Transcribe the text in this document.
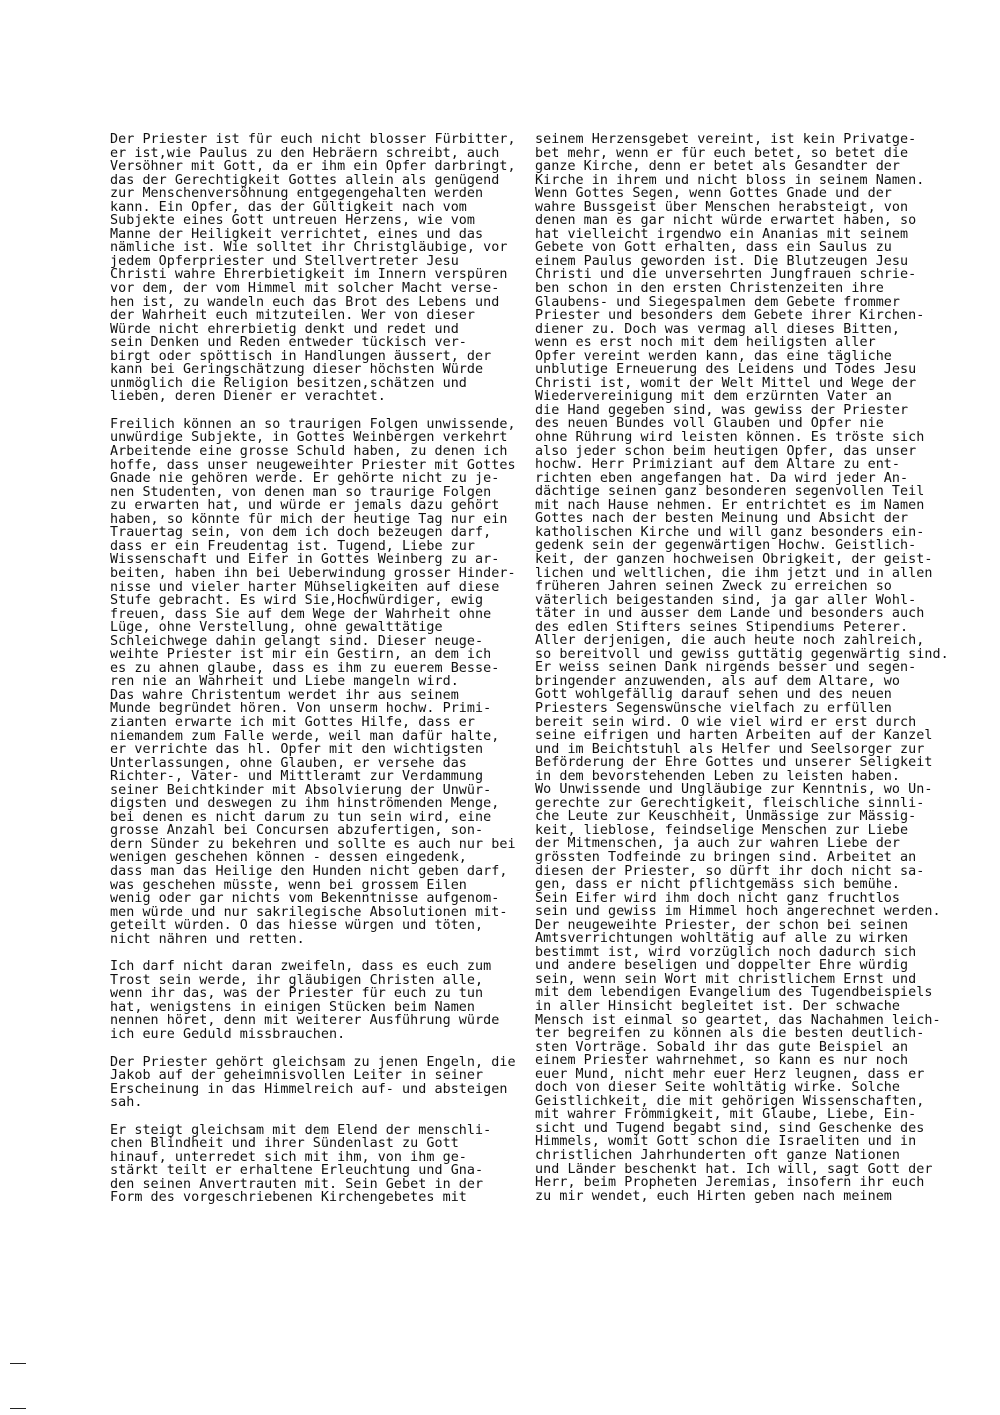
Der Priester ist für euch nicht blosser Fürbitter,
er ist,wie Paulus zu den Hebräern schreibt, auch
Versöhner mit Gott, da er ihm ein Opfer darbringt,
das der Gerechtigkeit Gottes allein als genügend
zur Menschenversöhnung entgegengehalten werden
kann. Ein Opfer, das der Gültigkeit nach vom
Subjekte eines Gott untreuen Herzens, wie vom
Manne der Heiligkeit verrichtet, eines und das
nämliche ist. Wie solltet ihr Christgläubige, vor
jedem Opferpriester und Stellvertreter Jesu
Christi wahre Ehrerbietigkeit im Innern verspüren
vor dem, der vom Himmel mit solcher Macht verse-
hen ist, zu wandeln euch das Brot des Lebens und
der Wahrheit euch mitzuteilen. Wer von dieser
Würde nicht ehrerbietig denkt und redet und
sein Denken und Reden entweder tückisch ver-
birgt oder spöttisch in Handlungen äussert, der
kann bei Geringschätzung dieser höchsten Würde
unmöglich die Religion besitzen,schätzen und
lieben, deren Diener er verachtet.
Freilich können an so traurigen Folgen unwissende,
unwürdige Subjekte, in Gottes Weinbergen verkehrt
Arbeitende eine grosse Schuld haben, zu denen ich
hoffe, dass unser neugeweihter Priester mit Gottes
Gnade nie gehören werde. Er gehörte nicht zu je-
nen Studenten, von denen man so traurige Folgen
zu erwarten hat, und würde er jemals dazu gehört
haben, so könnte für mich der heutige Tag nur ein
Trauertag sein, von dem ich doch bezeugen darf,
dass er ein Freudentag ist. Tugend, Liebe zur
Wissenschaft und Eifer in Gottes Weinberg zu ar-
beiten, haben ihn bei Ueberwindung grosser Hinder-
nisse und vieler harter Mühseligkeiten auf diese
Stufe gebracht. Es wird Sie,Hochwürdiger, ewig
freuen, dass Sie auf dem Wege der Wahrheit ohne
Lüge, ohne Verstellung, ohne gewalttätige
Schleichwege dahin gelangt sind. Dieser neuge-
weihte Priester ist mir ein Gestirn, an dem ich
es zu ahnen glaube, dass es ihm zu euerem Besse-
ren nie an Wahrheit und Liebe mangeln wird.
Das wahre Christentum werdet ihr aus seinem
Munde begründet hören. Von unserm hochw. Primi-
zianten erwarte ich mit Gottes Hilfe, dass er
niemandem zum Falle werde, weil man dafür halte,
er verrichte das hl. Opfer mit den wichtigsten
Unterlassungen, ohne Glauben, er versehe das
Richter-, Vater- und Mittleramt zur Verdammung
seiner Beichtkinder mit Absolvierung der Unwür-
digsten und deswegen zu ihm hinströmenden Menge,
bei denen es nicht darum zu tun sein wird, eine
grosse Anzahl bei Concursen abzufertigen, son-
dern Sünder zu bekehren und sollte es auch nur bei
wenigen geschehen können - dessen eingedenk,
dass man das Heilige den Hunden nicht geben darf,
was geschehen müsste, wenn bei grossem Eilen
wenig oder gar nichts vom Bekenntnisse aufgenom-
men würde und nur sakrilegische Absolutionen mit-
geteilt würden. O das hiesse würgen und töten,
nicht nähren und retten.
Ich darf nicht daran zweifeln, dass es euch zum
Trost sein werde, ihr gläubigen Christen alle,
wenn ihr das, was der Priester für euch zu tun
hat, wenigstens in einigen Stücken beim Namen
nennen höret, denn mit weiterer Ausführung würde
ich eure Geduld missbrauchen.
Der Priester gehört gleichsam zu jenen Engeln, die
Jakob auf der geheimnisvollen Leiter in seiner
Erscheinung in das Himmelreich auf- und absteigen
sah.
Er steigt gleichsam mit dem Elend der menschli-
chen Blindheit und ihrer Sündenlast zu Gott
hinauf, unterredet sich mit ihm, von ihm ge-
stärkt teilt er erhaltene Erleuchtung und Gna-
den seinen Anvertrauten mit. Sein Gebet in der
Form des vorgeschriebenen Kirchengebetes mit
seinem Herzensgebet vereint, ist kein Privatge-
bet mehr, wenn er für euch betet, so betet die
ganze Kirche, denn er betet als Gesandter der
Kirche in ihrem und nicht bloss in seinem Namen.
Wenn Gottes Segen, wenn Gottes Gnade und der
wahre Bussgeist über Menschen herabsteigt, von
denen man es gar nicht würde erwartet haben, so
hat vielleicht irgendwo ein Ananias mit seinem
Gebete von Gott erhalten, dass ein Saulus zu
einem Paulus geworden ist. Die Blutzeugen Jesu
Christi und die unversehrten Jungfrauen schrie-
ben schon in den ersten Christenzeiten ihre
Glaubens- und Siegespalmen dem Gebete frommer
Priester und besonders dem Gebete ihrer Kirchen-
diener zu. Doch was vermag all dieses Bitten,
wenn es erst noch mit dem heiligsten aller
Opfer vereint werden kann, das eine tägliche
unblutige Erneuerung des Leidens und Todes Jesu
Christi ist, womit der Welt Mittel und Wege der
Wiedervereinigung mit dem erzürnten Vater an
die Hand gegeben sind, was gewiss der Priester
des neuen Bundes voll Glauben und Opfer nie
ohne Rührung wird leisten können. Es tröste sich
also jeder schon beim heutigen Opfer, das unser
hochw. Herr Primiziant auf dem Altare zu ent-
richten eben angefangen hat. Da wird jeder An-
dächtige seinen ganz besonderen segenvollen Teil
mit nach Hause nehmen. Er entrichtet es im Namen
Gottes nach der besten Meinung und Absicht der
katholischen Kirche und will ganz besonders ein-
gedenk sein der gegenwärtigen Hochw. Geistlich-
keit, der ganzen hochweisen Obrigkeit, der geist-
lichen und weltlichen, die ihm jetzt und in allen
früheren Jahren seinen Zweck zu erreichen so
väterlich beigestanden sind, ja gar aller Wohl-
täter in und ausser dem Lande und besonders auch
des edlen Stifters seines Stipendiums Peterer.
Aller derjenigen, die auch heute noch zahlreich,
so bereitvoll und gewiss guttätig gegenwärtig sind.
Er weiss seinen Dank nirgends besser und segen-
bringender anzuwenden, als auf dem Altare, wo
Gott wohlgefällig darauf sehen und des neuen
Priesters Segenswünsche vielfach zu erfüllen
bereit sein wird. O wie viel wird er erst durch
seine eifrigen und harten Arbeiten auf der Kanzel
und im Beichtstuhl als Helfer und Seelsorger zur
Beförderung der Ehre Gottes und unserer Seligkeit
in dem bevorstehenden Leben zu leisten haben.
Wo Unwissende und Ungläubige zur Kenntnis, wo Un-
gerechte zur Gerechtigkeit, fleischliche sinnli-
che Leute zur Keuschheit, Unmässige zur Mässig-
keit, lieblose, feindselige Menschen zur Liebe
der Mitmenschen, ja auch zur wahren Liebe der
grössten Todfeinde zu bringen sind. Arbeitet an
diesen der Priester, so dürft ihr doch nicht sa-
gen, dass er nicht pflichtgemäss sich bemühe.
Sein Eifer wird ihm doch nicht ganz fruchtlos
sein und gewiss im Himmel hoch angerechnet werden.
Der neugeweihte Priester, der schon bei seinen
Amtsverrichtungen wohltätig auf alle zu wirken
bestimmt ist, wird vorzüglich noch dadurch sich
und andere beseligen und doppelter Ehre würdig
sein, wenn sein Wort mit christlichem Ernst und
mit dem lebendigen Evangelium des Tugendbeispiels
in aller Hinsicht begleitet ist. Der schwache
Mensch ist einmal so geartet, das Nachahmen leich-
ter begreifen zu können als die besten deutlich-
sten Vorträge. Sobald ihr das gute Beispiel an
einem Priester wahrnehmet, so kann es nur noch
euer Mund, nicht mehr euer Herz leugnen, dass er
doch von dieser Seite wohltätig wirke. Solche
Geistlichkeit, die mit gehörigen Wissenschaften,
mit wahrer Frömmigkeit, mit Glaube, Liebe, Ein-
sicht und Tugend begabt sind, sind Geschenke des
Himmels, womit Gott schon die Israeliten und in
christlichen Jahrhunderten oft ganze Nationen
und Länder beschenkt hat. Ich will, sagt Gott der
Herr, beim Propheten Jeremias, insofern ihr euch
zu mir wendet, euch Hirten geben nach meinem
